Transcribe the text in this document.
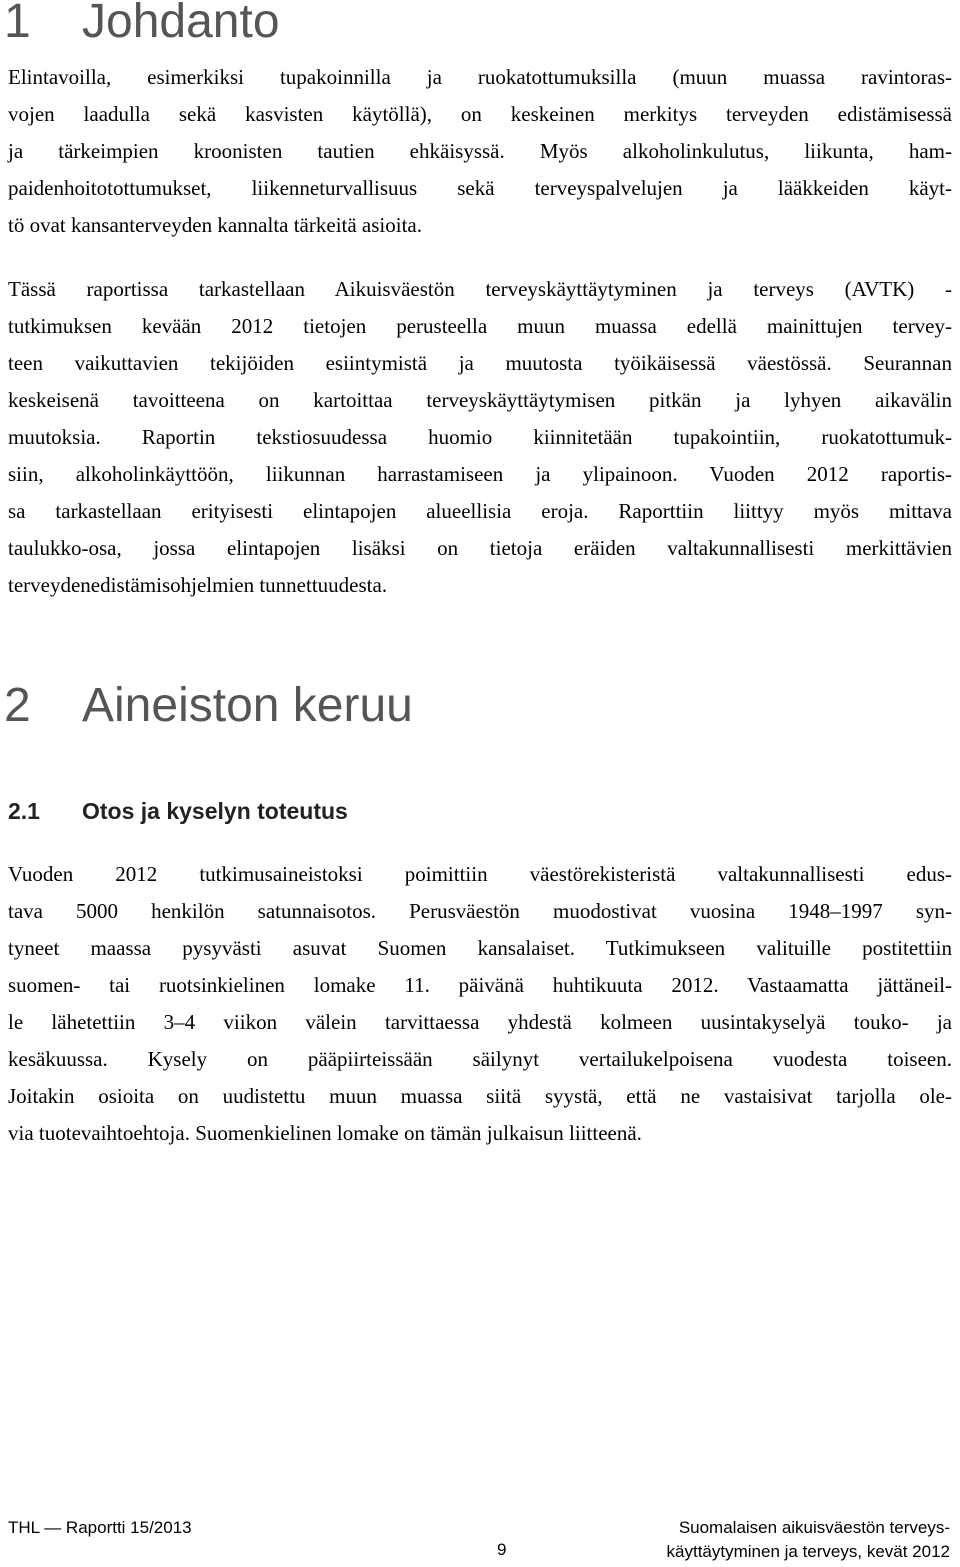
1 Johdanto
Elintavoilla, esimerkiksi tupakoinnilla ja ruokatottumuksilla (muun muassa ravintoras-
vojen laadulla sekä kasvisten käytöllä), on keskeinen merkitys terveyden edistämisessä
ja tärkeimpien kroonisten tautien ehkäisyssä. Myös alkoholinkulutus, liikunta, ham-
paidenhoitotottumukset, liikenneturvallisuus sekä terveyspalvelujen ja lääkkeiden käyt-
tö ovat kansanterveyden kannalta tärkeitä asioita.
Tässä raportissa tarkastellaan Aikuisväestön terveyskäyttäytyminen ja terveys (AVTK) -
tutkimuksen kevään 2012 tietojen perusteella muun muassa edellä mainittujen tervey-
teen vaikuttavien tekijöiden esiintymistä ja muutosta työikäisessä väestössä. Seurannan
keskeisenä tavoitteena on kartoittaa terveyskäyttäytymisen pitkän ja lyhyen aikavälin
muutoksia. Raportin tekstiosuudessa huomio kiinnitetään tupakointiin, ruokatottumuk-
siin, alkoholinkäyttöön, liikunnan harrastamiseen ja ylipainoon. Vuoden 2012 raportis-
sa tarkastellaan erityisesti elintapojen alueellisia eroja. Raporttiin liittyy myös mittava
taulukko-osa, jossa elintapojen lisäksi on tietoja eräiden valtakunnallisesti merkittävien
terveydenedistämisohjelmien tunnettuudesta.
2 Aineiston keruu
2.1 Otos ja kyselyn toteutus
Vuoden 2012 tutkimusaineistoksi poimittiin väestörekisteristä valtakunnallisesti edus-
tava 5000 henkilön satunnaisotos. Perusväestön muodostivat vuosina 1948–1997 syn-
tyneet maassa pysyvästi asuvat Suomen kansalaiset. Tutkimukseen valituille postitettiin
suomen- tai ruotsinkielinen lomake 11. päivänä huhtikuuta 2012. Vastaamatta jättäneil-
le lähetettiin 3–4 viikon välein tarvittaessa yhdestä kolmeen uusintakyselyä touko- ja
kesäkuussa. Kysely on pääpiirteissään säilynyt vertailukelpoisena vuodesta toiseen.
Joitakin osioita on uudistettu muun muassa siitä syystä, että ne vastaisivat tarjolla ole-
via tuotevaihtoehtoja. Suomenkielinen lomake on tämän julkaisun liitteenä.
THL — Raportti 15/2013
9
Suomalaisen aikuisväestön terveys-
käyttäytyminen ja terveys, kevät 2012
